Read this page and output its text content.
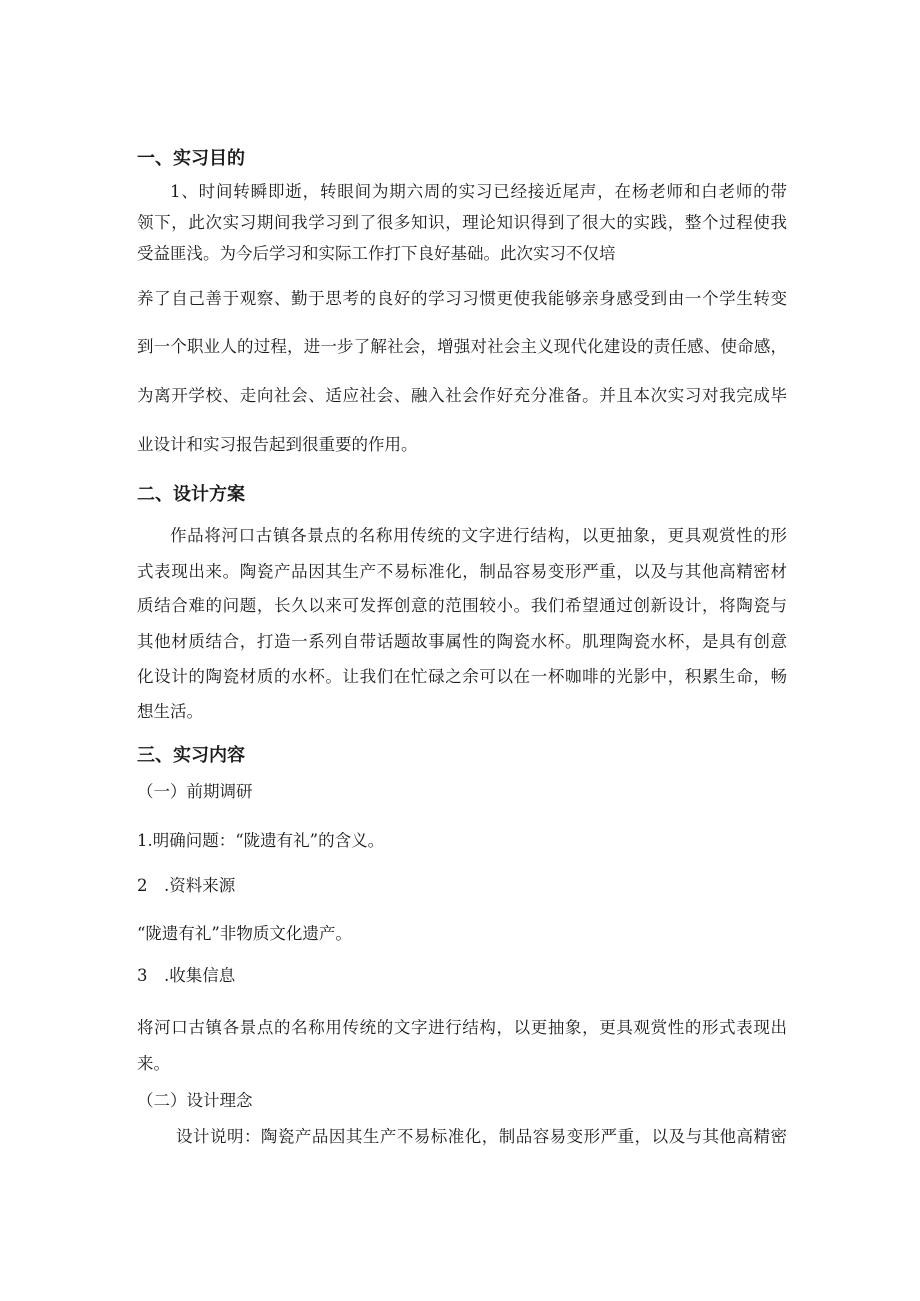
一、实习目的
1、时间转瞬即逝，转眼间为期六周的实习已经接近尾声，在杨老师和白老师的带
领下，此次实习期间我学习到了很多知识，理论知识得到了很大的实践，整个过程使我
受益匪浅。为今后学习和实际工作打下良好基础。此次实习不仅培
养了自己善于观察、勤于思考的良好的学习习惯更使我能够亲身感受到由一个学生转变
到一个职业人的过程，进一步了解社会，增强对社会主义现代化建设的责任感、使命感，
为离开学校、走向社会、适应社会、融入社会作好充分准备。并且本次实习对我完成毕
业设计和实习报告起到很重要的作用。
二、设计方案
作品将河口古镇各景点的名称用传统的文字进行结构，以更抽象，更具观赏性的形
式表现出来。陶瓷产品因其生产不易标准化，制品容易变形严重，以及与其他高精密材
质结合难的问题，长久以来可发挥创意的范围较小。我们希望通过创新设计，将陶瓷与
其他材质结合，打造一系列自带话题故事属性的陶瓷水杯。肌理陶瓷水杯，是具有创意
化设计的陶瓷材质的水杯。让我们在忙碌之余可以在一杯咖啡的光影中，积累生命，畅
想生活。
三、实习内容
（一）前期调研
1.明确问题：“陇遗有礼”的含义。
2　.资料来源
“陇遗有礼”非物质文化遗产。
3　.收集信息
将河口古镇各景点的名称用传统的文字进行结构，以更抽象，更具观赏性的形式表现出
来。
（二）设计理念
设计说明：陶瓷产品因其生产不易标准化，制品容易变形严重，以及与其他高精密
